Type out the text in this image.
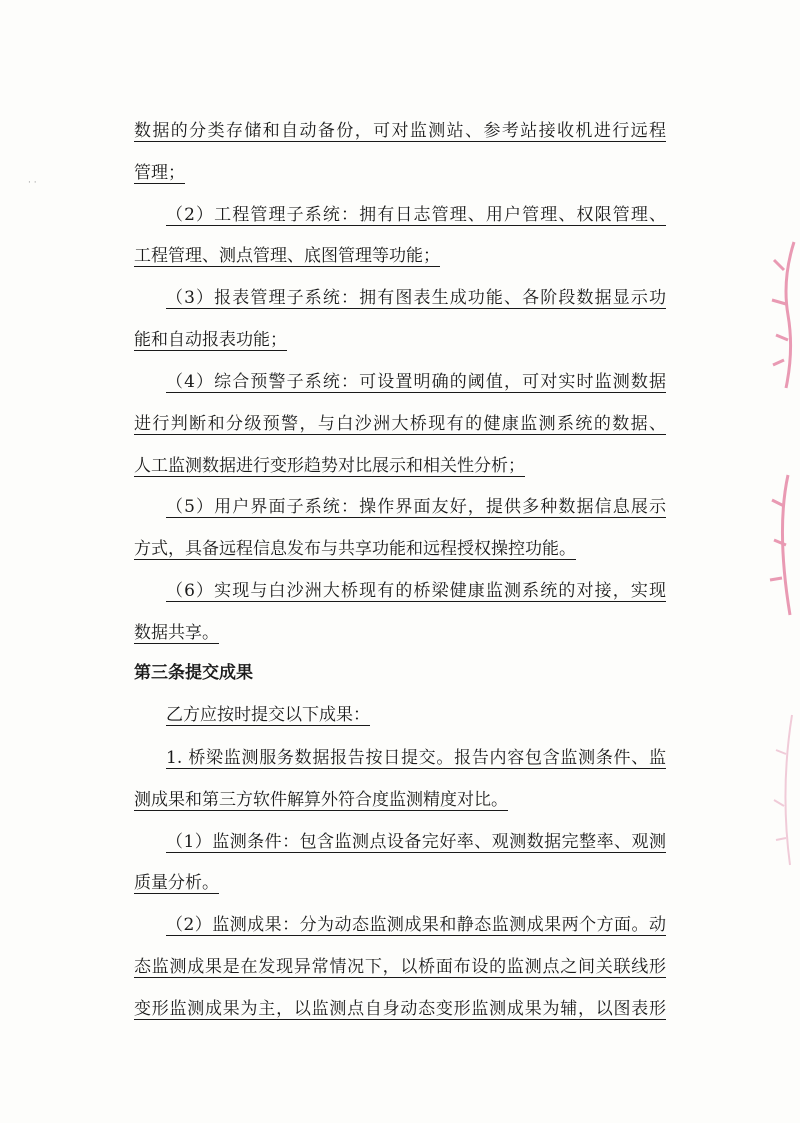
· ·
数据的分类存储和自动备份，可对监测站、参考站接收机进行远程
管理；
（2）工程管理子系统：拥有日志管理、用户管理、权限管理、
工程管理、测点管理、底图管理等功能；
（3）报表管理子系统：拥有图表生成功能、各阶段数据显示功
能和自动报表功能；
（4）综合预警子系统：可设置明确的阈值，可对实时监测数据
进行判断和分级预警，与白沙洲大桥现有的健康监测系统的数据、
人工监测数据进行变形趋势对比展示和相关性分析；
（5）用户界面子系统：操作界面友好，提供多种数据信息展示
方式，具备远程信息发布与共享功能和远程授权操控功能。
（6）实现与白沙洲大桥现有的桥梁健康监测系统的对接，实现
数据共享。
第三条提交成果
乙方应按时提交以下成果：
1. 桥梁监测服务数据报告按日提交。报告内容包含监测条件、监
测成果和第三方软件解算外符合度监测精度对比。
（1）监测条件：包含监测点设备完好率、观测数据完整率、观测
质量分析。
（2）监测成果：分为动态监测成果和静态监测成果两个方面。动
态监测成果是在发现异常情况下，以桥面布设的监测点之间关联线形
变形监测成果为主，以监测点自身动态变形监测成果为辅，以图表形
